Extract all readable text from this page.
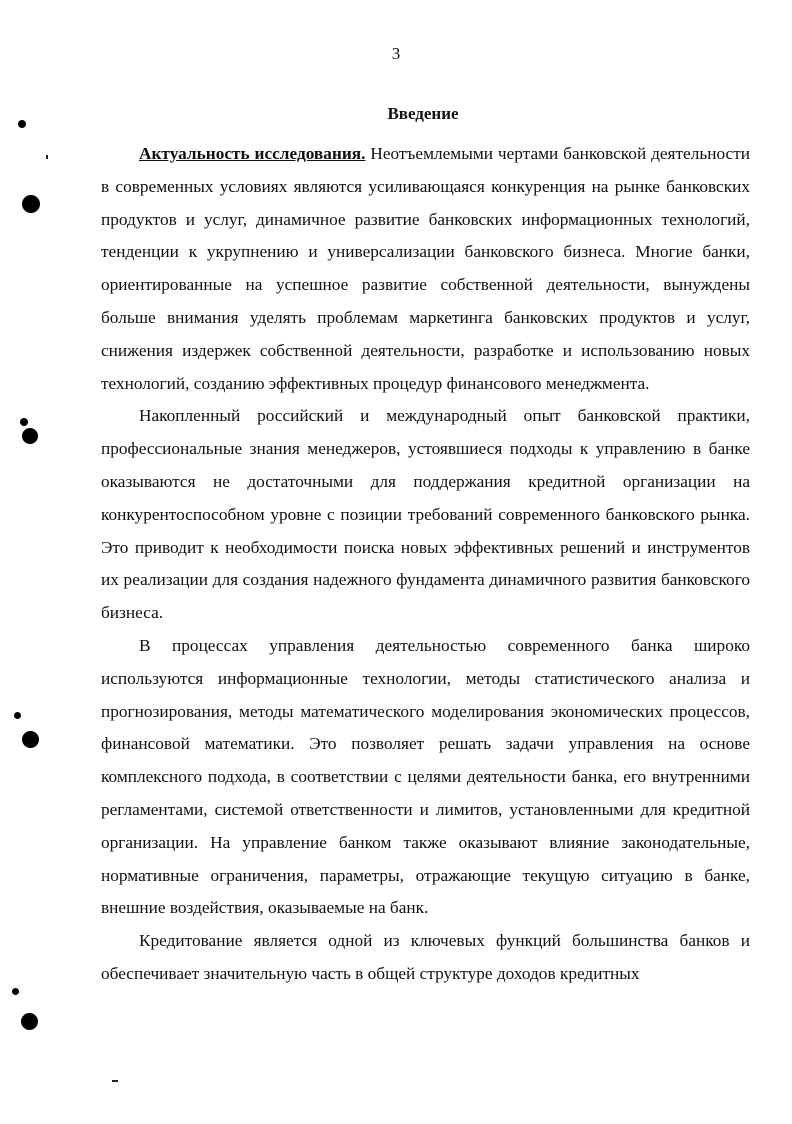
3
Введение

Актуальность исследования. Неотъемлемыми чертами банковской деятельности в современных условиях являются усиливающаяся конкуренция на рынке банковских продуктов и услуг, динамичное развитие банковских информационных технологий, тенденции к укрупнению и универсализации банковского бизнеса. Многие банки, ориентированные на успешное развитие собственной деятельности, вынуждены больше внимания уделять проблемам маркетинга банковских продуктов и услуг, снижения издержек собственной деятельности, разработке и использованию новых технологий, созданию эффективных процедур финансового менеджмента.

Накопленный российский и международный опыт банковской практики, профессиональные знания менеджеров, устоявшиеся подходы к управлению в банке оказываются не достаточными для поддержания кредитной организации на конкурентоспособном уровне с позиции требований современного банковского рынка. Это приводит к необходимости поиска новых эффективных решений и инструментов их реализации для создания надежного фундамента динамичного развития банковского бизнеса.

В процессах управления деятельностью современного банка широко используются информационные технологии, методы статистического анализа и прогнозирования, методы математического моделирования экономических процессов, финансовой математики. Это позволяет решать задачи управления на основе комплексного подхода, в соответствии с целями деятельности банка, его внутренними регламентами, системой ответственности и лимитов, установленными для кредитной организации. На управление банком также оказывают влияние законодательные, нормативные ограничения, параметры, отражающие текущую ситуацию в банке, внешние воздействия, оказываемые на банк.

Кредитование является одной из ключевых функций большинства банков и обеспечивает значительную часть в общей структуре доходов кредитных
